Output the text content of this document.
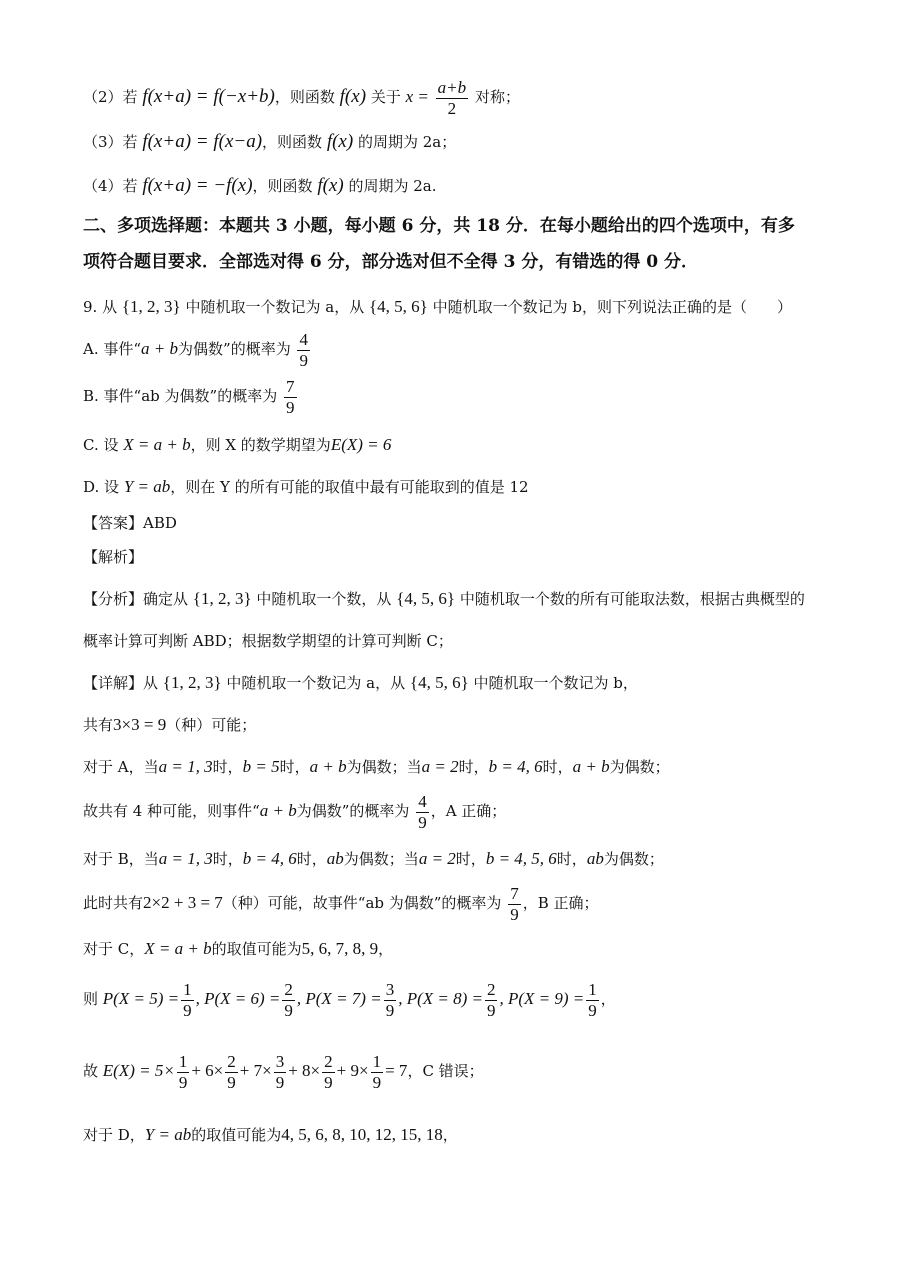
（2）若 f(x+a) = f(−x+b)，则函数 f(x) 关于 $x = \frac{a+b}{2}$ 对称；
（3）若 f(x+a) = f(x−a)，则函数 f(x) 的周期为 2a；
（4）若 f(x+a) = −f(x)，则函数 f(x) 的周期为 2a.
二、多项选择题：本题共 3 小题，每小题 6 分，共 18 分．在每小题给出的四个选项中，有多
项符合题目要求．全部选对得 6 分，部分选对但不全得 3 分，有错选的得 0 分．
9. 从 {1, 2, 3} 中随机取一个数记为 a，从 {4, 5, 6} 中随机取一个数记为 b，则下列说法正确的是（　　）
A. 事件“a + b为偶数”的概率为 $\frac{4}{9}$
B. 事件“ab 为偶数”的概率为 $\frac{7}{9}$
C. 设 X = a + b，则 X 的数学期望为E(X) = 6
D. 设 Y = ab，则在 Y 的所有可能的取值中最有可能取到的值是 12
【答案】ABD
【解析】
【分析】确定从 {1, 2, 3} 中随机取一个数，从 {4, 5, 6} 中随机取一个数的所有可能取法数，根据古典概型的
概率计算可判断 ABD；根据数学期望的计算可判断 C；
【详解】从 {1, 2, 3} 中随机取一个数记为 a，从 {4, 5, 6} 中随机取一个数记为 b，
共有3×3 = 9（种）可能；
对于 A，当a = 1, 3时，b = 5时，a + b为偶数；当a = 2时，b = 4, 6时，a + b为偶数；
故共有 4 种可能，则事件“a + b为偶数”的概率为 $\frac{4}{9}$ ，A 正确；
对于 B，当a = 1, 3时，b = 4, 6时，ab为偶数；当a = 2时，b = 4, 5, 6时，ab为偶数；
此时共有2×2 + 3 = 7（种）可能，故事件“ab 为偶数”的概率为 $\frac{7}{9}$ ，B 正确；
对于 C，X = a + b的取值可能为5, 6, 7, 8, 9，
则 $P(X = 5) = \frac{1}{9}$ , $P(X = 6) = \frac{2}{9}$ , $P(X = 7) = \frac{3}{9}$ , $P(X = 8) = \frac{2}{9}$ , $P(X = 9) = \frac{1}{9}$ ，
故 $E(X) = 5\times \frac{1}{9} + 6\times \frac{2}{9} + 7\times \frac{3}{9} + 8\times \frac{2}{9} + 9\times \frac{1}{9} = 7$，C 错误；
对于 D，Y = ab的取值可能为4, 5, 6, 8, 10, 12, 15, 18，
